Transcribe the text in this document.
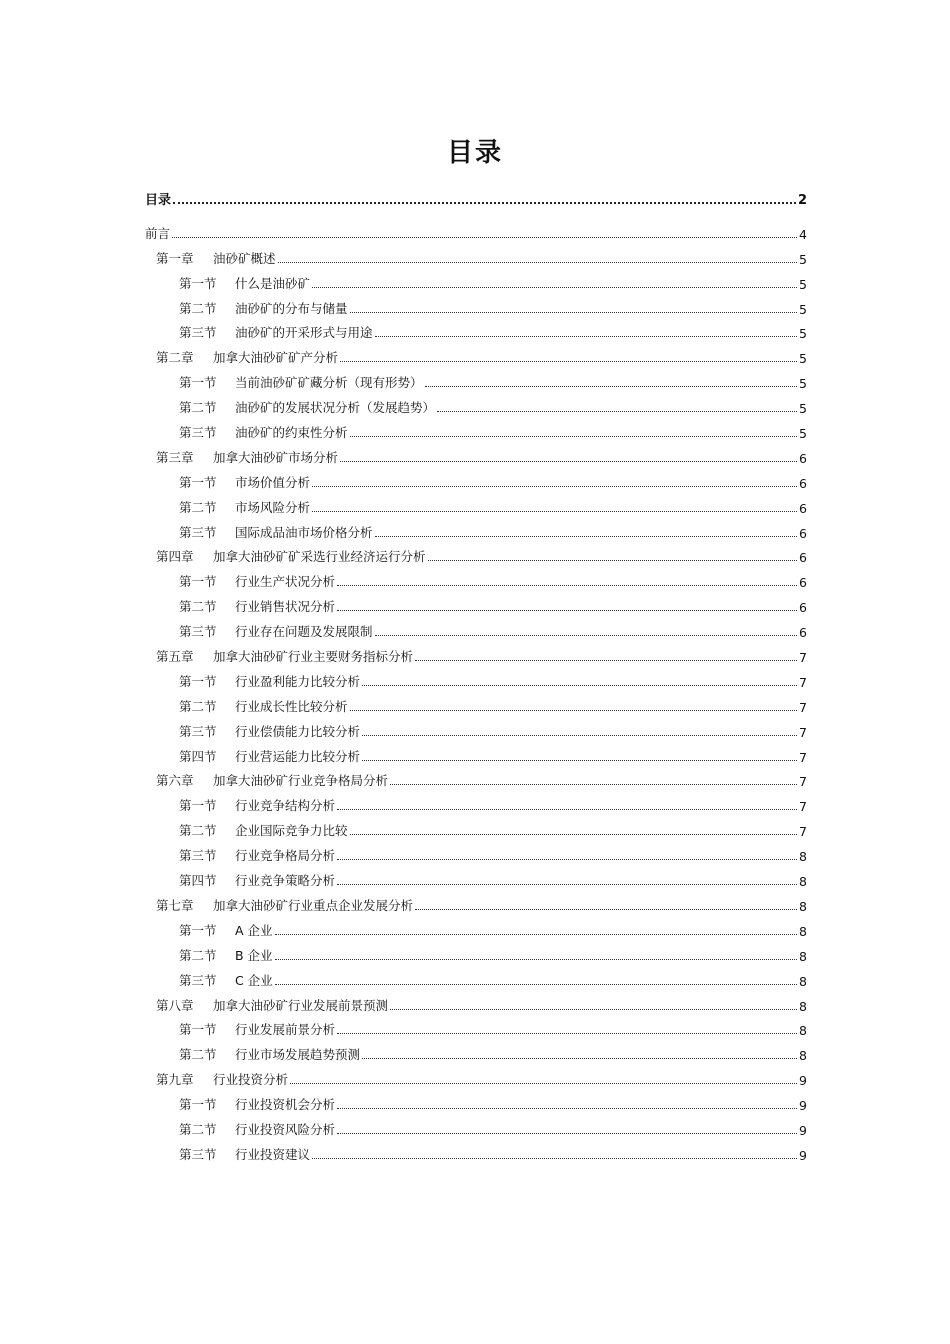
目录
目录	2
前言	4
第一章	油砂矿概述	5
第一节	什么是油砂矿	5
第二节	油砂矿的分布与储量	5
第三节	油砂矿的开采形式与用途	5
第二章	加拿大油砂矿矿产分析	5
第一节	当前油砂矿矿藏分析（现有形势）	5
第二节	油砂矿的发展状况分析（发展趋势）	5
第三节	油砂矿的约束性分析	5
第三章	加拿大油砂矿市场分析	6
第一节	市场价值分析	6
第二节	市场风险分析	6
第三节	国际成品油市场价格分析	6
第四章	加拿大油砂矿矿采选行业经济运行分析	6
第一节	行业生产状况分析	6
第二节	行业销售状况分析	6
第三节	行业存在问题及发展限制	6
第五章	加拿大油砂矿行业主要财务指标分析	7
第一节	行业盈利能力比较分析	7
第二节	行业成长性比较分析	7
第三节	行业偿债能力比较分析	7
第四节	行业营运能力比较分析	7
第六章	加拿大油砂矿行业竞争格局分析	7
第一节	行业竞争结构分析	7
第二节	企业国际竞争力比较	7
第三节	行业竞争格局分析	8
第四节	行业竞争策略分析	8
第七章	加拿大油砂矿行业重点企业发展分析	8
第一节	A 企业	8
第二节	B 企业	8
第三节	C 企业	8
第八章	加拿大油砂矿行业发展前景预测	8
第一节	行业发展前景分析	8
第二节	行业市场发展趋势预测	8
第九章	行业投资分析	9
第一节	行业投资机会分析	9
第二节	行业投资风险分析	9
第三节	行业投资建议	9
